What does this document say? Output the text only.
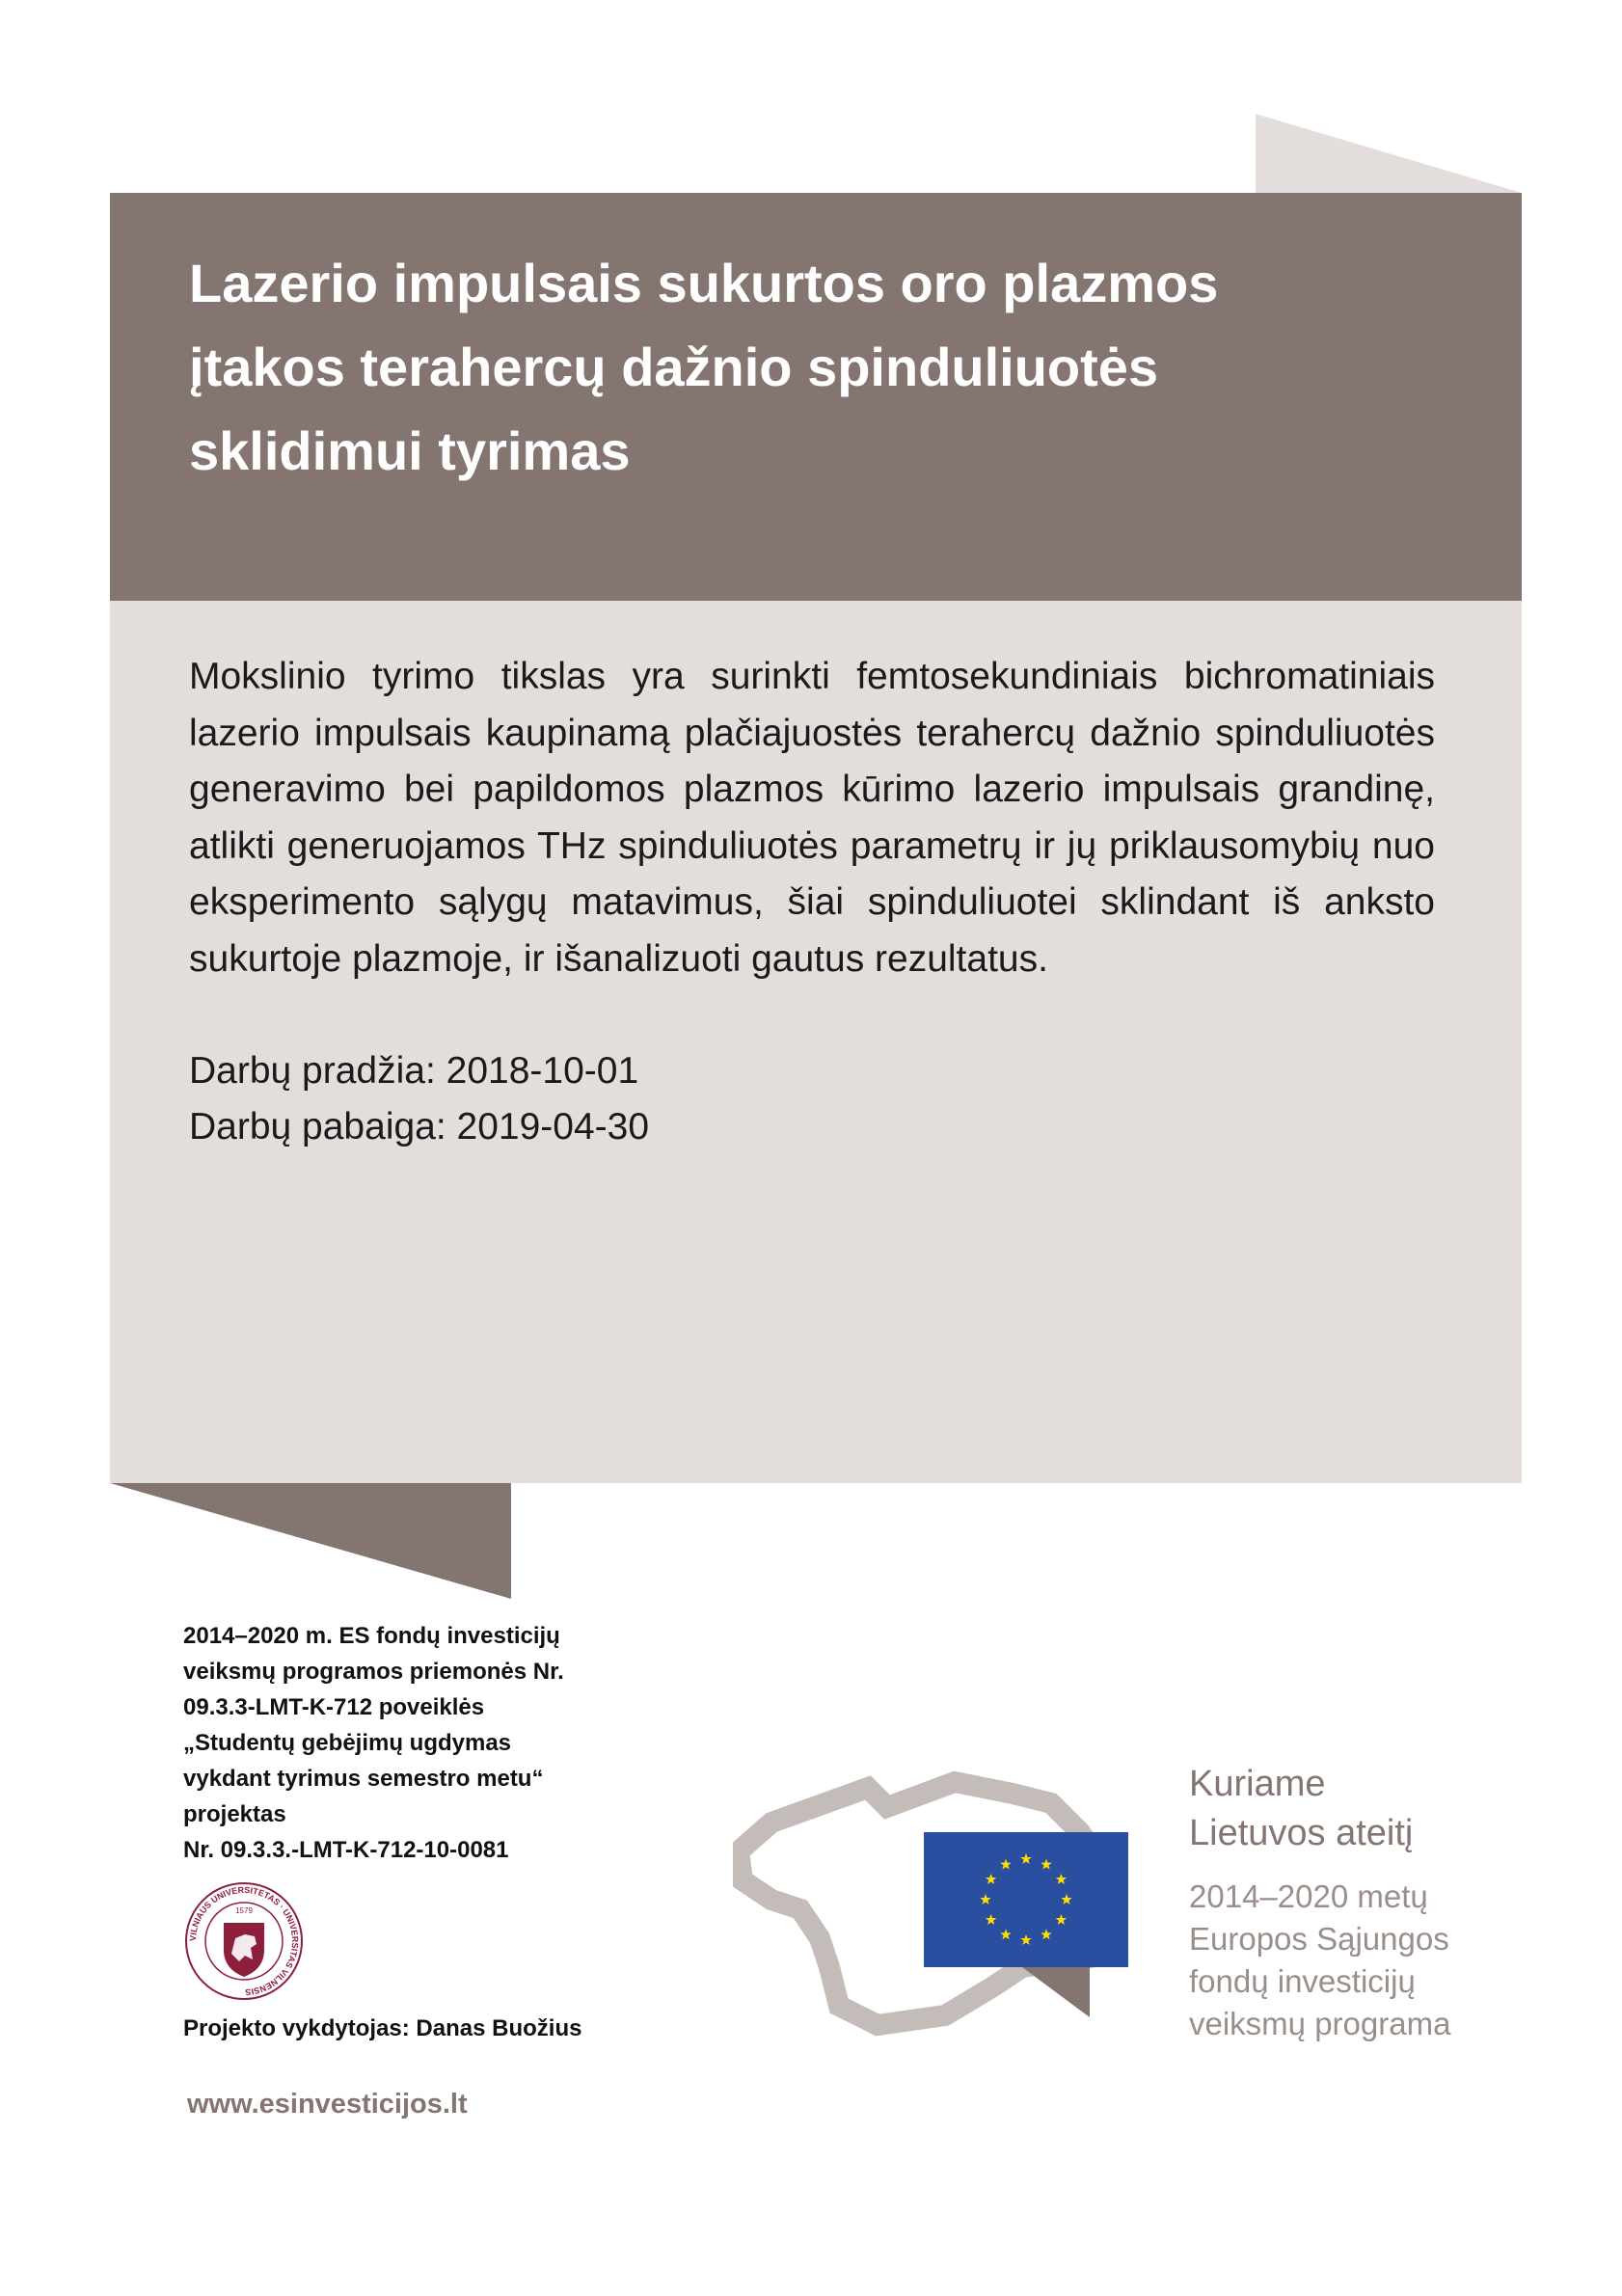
Lazerio impulsais sukurtos oro plazmos
įtakos terahercų dažnio spinduliuotės
sklidimui tyrimas

Mokslinio tyrimo tikslas yra surinkti femtosekundiniais bichromatiniais lazerio impulsais kaupinamą plačiajuostės terahercų dažnio spinduliuotės generavimo bei papildomos plazmos kūrimo lazerio impulsais grandinę, atlikti generuojamos THz spinduliuotės parametrų ir jų priklausomybių nuo eksperimento sąlygų matavimus, šiai spinduliuotei sklindant iš anksto sukurtoje plazmoje, ir išanalizuoti gautus rezultatus.

Darbų pradžia: 2018-10-01
Darbų pabaiga: 2019-04-30
2014–2020 m. ES fondų investicijų
veiksmų programos priemonės Nr.
09.3.3-LMT-K-712 poveiklės
„Studentų gebėjimų ugdymas
vykdant tyrimus semestro metu“
projektas
Nr. 09.3.3.-LMT-K-712-10-0081
VILNIAUS UNIVERSITETAS · UNIVERSITAS VILNENSIS
1579
Projekto vykdytojas: Danas Buožius
www.esinvesticijos.lt
Kuriame
Lietuvos ateitį
2014–2020 metų
Europos Sąjungos
fondų investicijų
veiksmų programa
